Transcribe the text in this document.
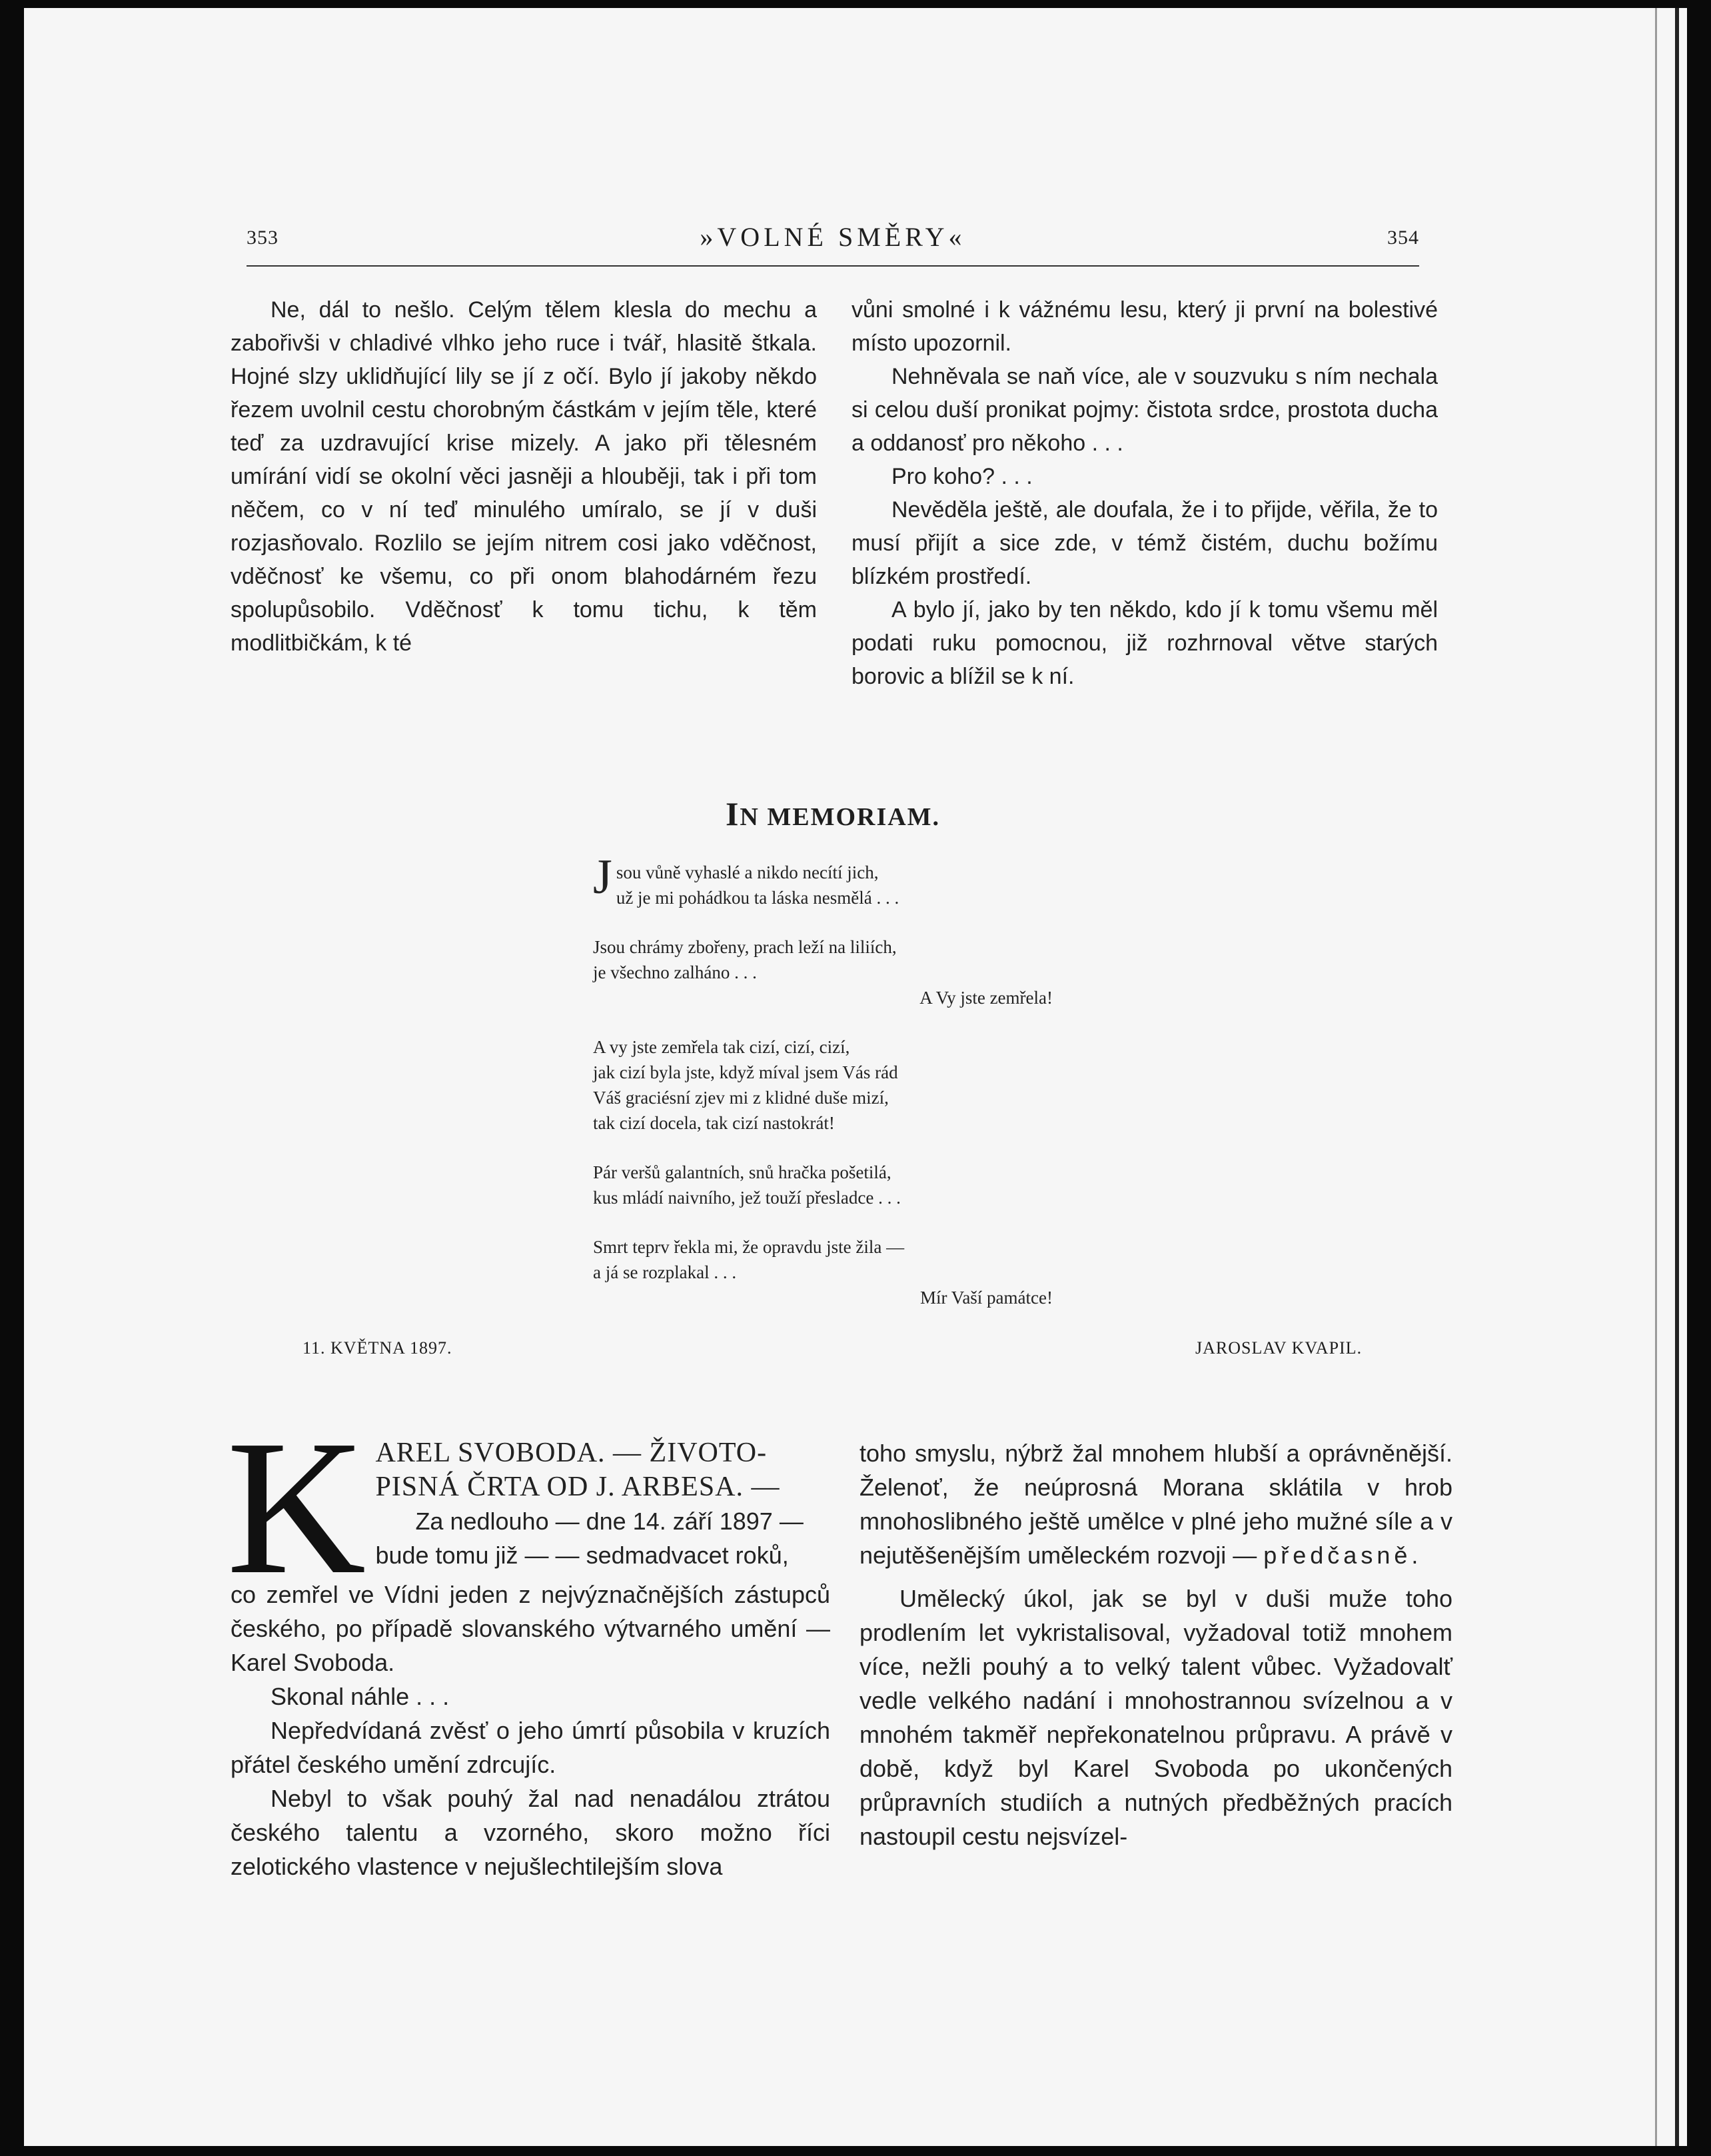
353	»VOLNÉ SMĚRY«	354

Ne, dál to nešlo. Celým tělem klesla do mechu a zabořivši v chladivé vlhko jeho ruce i tvář, hlasitě štkala. Hojné slzy uklidňující lily se jí z očí. Bylo jí jakoby někdo řezem uvolnil cestu chorobným částkám v jejím těle, které teď za uzdravující krise mizely. A jako při tělesném umírání vidí se okolní věci jasněji a hlouběji, tak i při tom něčem, co v ní teď minulého umíralo, se jí v duši rozjasňovalo. Rozlilo se jejím nitrem cosi jako vděčnost, vděčnosť ke všemu, co při onom blahodárném řezu spolupůsobilo. Vděčnosť k tomu tichu, k těm modlitbičkám, k té

vůni smolné i k vážnému lesu, který ji první na bolestivé místo upozornil.

Nehněvala se naň více, ale v souzvuku s ním nechala si celou duší pronikat pojmy: čistota srdce, prostota ducha a oddanosť pro někoho . . .

Pro koho? . . .

Nevěděla ještě, ale doufala, že i to přijde, věřila, že to musí přijít a sice zde, v témž čistém, duchu božímu blízkém prostředí.

A bylo jí, jako by ten někdo, kdo jí k tomu všemu měl podati ruku pomocnou, již rozhrnoval větve starých borovic a blížil se k ní.

IN MEMORIAM.
J sou vůně vyhaslé a nikdo necítí jich,
už je mi pohádkou ta láska nesmělá . . .
Jsou chrámy zbořeny, prach leží na liliích,
je všechno zalháno . . .
A Vy jste zemřela!
A vy jste zemřela tak cizí, cizí, cizí,
jak cizí byla jste, když míval jsem Vás rád
Váš graciésní zjev mi z klidné duše mizí,
tak cizí docela, tak cizí nastokrát!
Pár veršů galantních, snů hračka pošetilá,
kus mládí naivního, jež touží přesladce . . .
Smrt teprv řekla mi, že opravdu jste žila —
a já se rozplakal . . .
Mír Vaší památce!
11. KVĚTNA 1897.	JAROSLAV KVAPIL.
K AREL SVOBODA. — ŽIVOTO-
PISNÁ ČRTA OD J. ARBESA. —
Za nedlouho — dne 14. září 1897 —
bude tomu již — — sedmadvacet roků,

co zemřel ve Vídni jeden z nejvýznačnějších zástupců českého, po případě slovanského výtvarného umění — Karel Svoboda.

Skonal náhle . . .

Nepředvídaná zvěsť o jeho úmrtí působila v kruzích přátel českého umění zdrcujíc.

Nebyl to však pouhý žal nad nenadálou ztrátou českého talentu a vzorného, skoro možno říci zelotického vlastence v nejušlechtilejším slova

toho smyslu, nýbrž žal mnohem hlubší a oprávněnější. Želenoť, že neúprosná Morana sklátila v hrob mnohoslibného ještě umělce v plné jeho mužné síle a v nejutěšenějším uměleckém rozvoji — předčasně.

Umělecký úkol, jak se byl v duši muže toho prodlením let vykristalisoval, vyžadoval totiž mnohem více, nežli pouhý a to velký talent vůbec. Vyžadovalť vedle velkého nadání i mnohostrannou svízelnou a v mnohém takměř nepřekonatelnou průpravu. A právě v době, když byl Karel Svoboda po ukončených průpravních studiích a nutných předběžných pracích nastoupil cestu nejsvízel-
